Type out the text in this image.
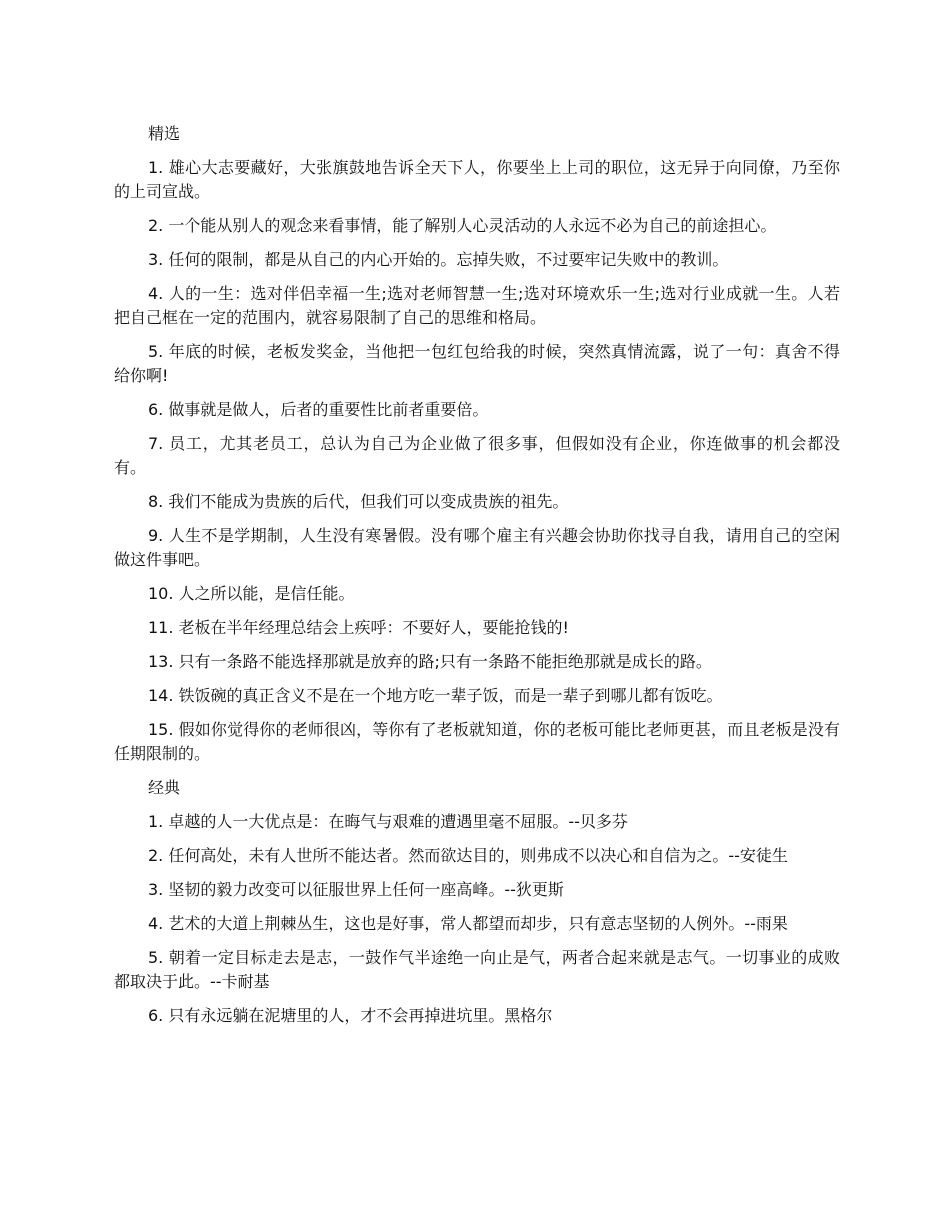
精选

1. 雄心大志要藏好，大张旗鼓地告诉全天下人，你要坐上上司的职位，这无异于向同僚，乃至你的上司宣战。

2. 一个能从别人的观念来看事情，能了解别人心灵活动的人永远不必为自己的前途担心。

3. 任何的限制，都是从自己的内心开始的。忘掉失败，不过要牢记失败中的教训。

4. 人的一生：选对伴侣幸福一生;选对老师智慧一生;选对环境欢乐一生;选对行业成就一生。人若把自己框在一定的范围内，就容易限制了自己的思维和格局。

5. 年底的时候，老板发奖金，当他把一包红包给我的时候，突然真情流露，说了一句：真舍不得给你啊!

6. 做事就是做人，后者的重要性比前者重要倍。

7. 员工，尤其老员工，总认为自己为企业做了很多事，但假如没有企业，你连做事的机会都没有。

8. 我们不能成为贵族的后代，但我们可以变成贵族的祖先。

9. 人生不是学期制，人生没有寒暑假。没有哪个雇主有兴趣会协助你找寻自我，请用自己的空闲做这件事吧。

10. 人之所以能，是信任能。

11. 老板在半年经理总结会上疾呼：不要好人，要能抢钱的!

13. 只有一条路不能选择那就是放弃的路;只有一条路不能拒绝那就是成长的路。

14. 铁饭碗的真正含义不是在一个地方吃一辈子饭，而是一辈子到哪儿都有饭吃。

15. 假如你觉得你的老师很凶，等你有了老板就知道，你的老板可能比老师更甚，而且老板是没有任期限制的。

经典

1. 卓越的人一大优点是：在晦气与艰难的遭遇里毫不屈服。--贝多芬

2. 任何高处，未有人世所不能达者。然而欲达目的，则弗成不以决心和自信为之。--安徒生

3. 坚韧的毅力改变可以征服世界上任何一座高峰。--狄更斯

4. 艺术的大道上荆棘丛生，这也是好事，常人都望而却步，只有意志坚韧的人例外。--雨果

5. 朝着一定目标走去是志，一鼓作气半途绝一向止是气，两者合起来就是志气。一切事业的成败都取决于此。--卡耐基

6. 只有永远躺在泥塘里的人，才不会再掉进坑里。黑格尔
